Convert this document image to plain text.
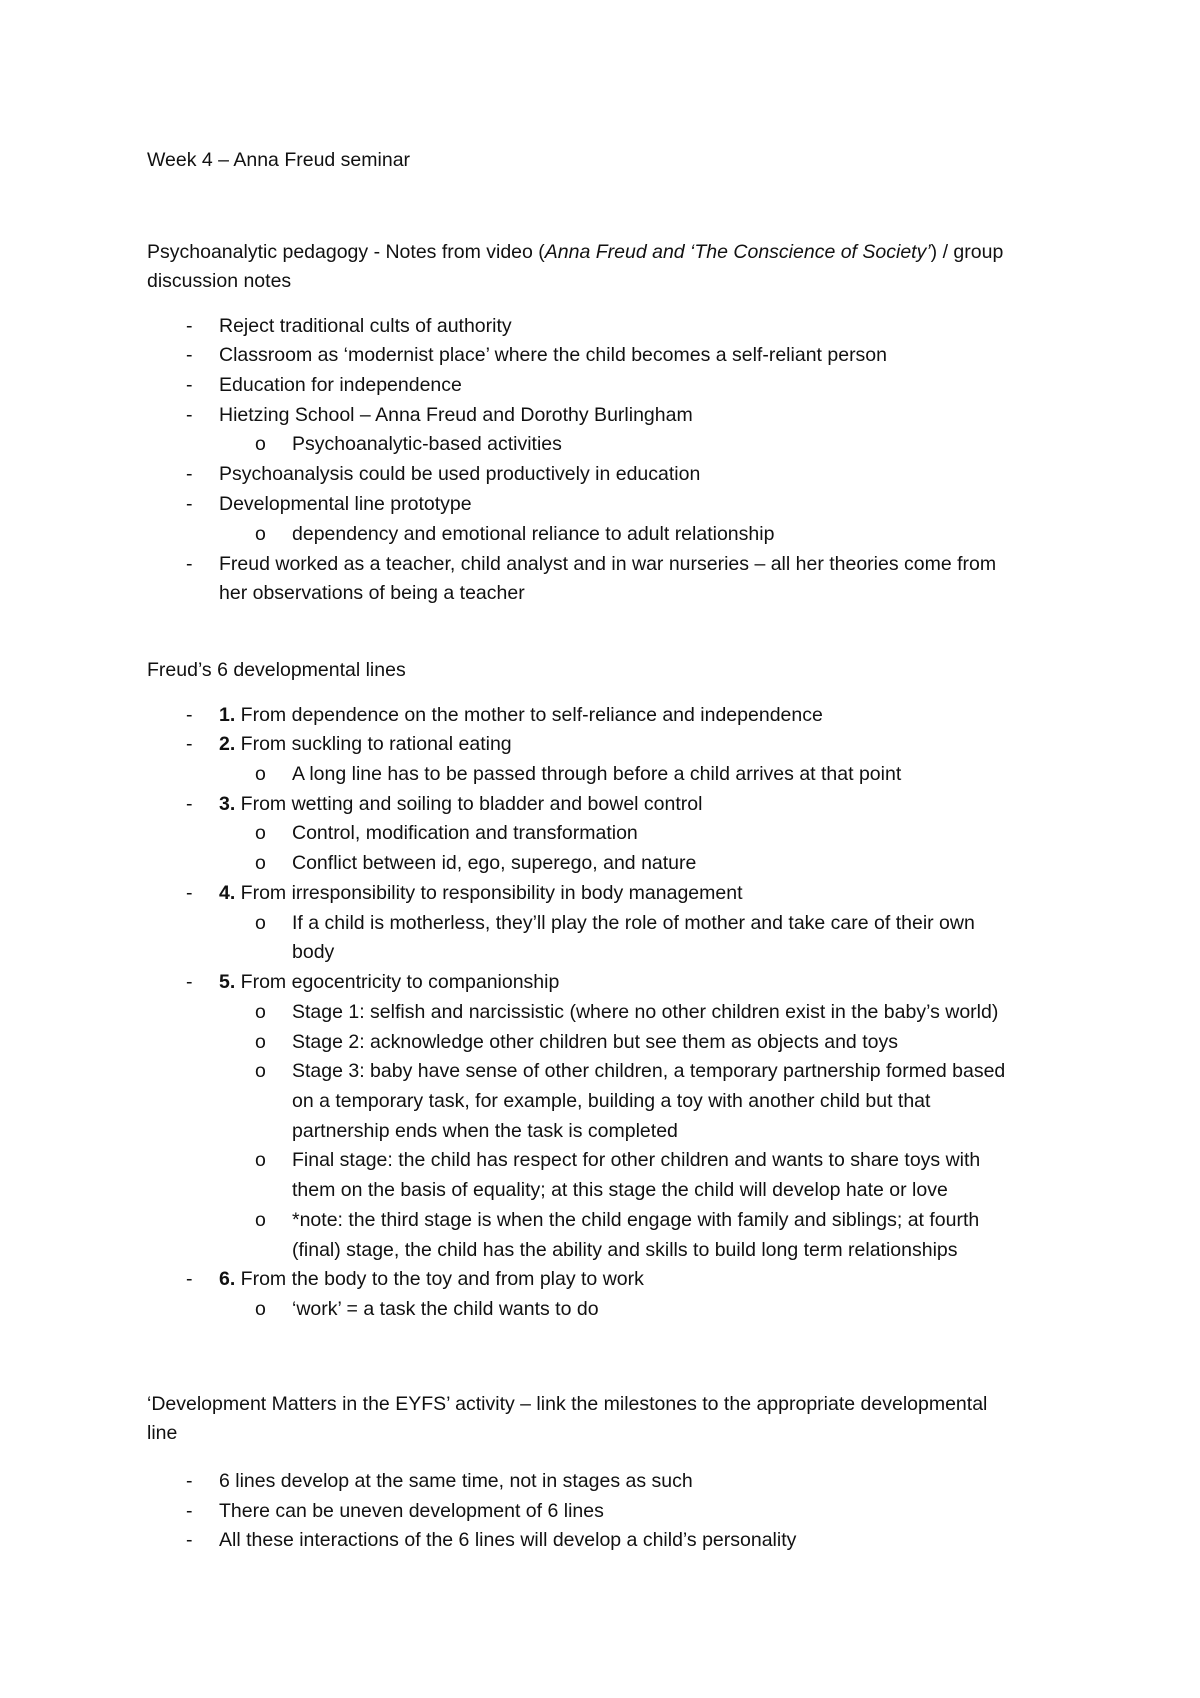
Week 4 – Anna Freud seminar
Psychoanalytic pedagogy - Notes from video (Anna Freud and ‘The Conscience of Society’) / group
discussion notes
- Reject traditional cults of authority
- Classroom as ‘modernist place’ where the child becomes a self-reliant person
- Education for independence
- Hietzing School – Anna Freud and Dorothy Burlingham
o Psychoanalytic-based activities
- Psychoanalysis could be used productively in education
- Developmental line prototype
o dependency and emotional reliance to adult relationship
- Freud worked as a teacher, child analyst and in war nurseries – all her theories come from
her observations of being a teacher
Freud’s 6 developmental lines
- 1. From dependence on the mother to self-reliance and independence
- 2. From suckling to rational eating
o A long line has to be passed through before a child arrives at that point
- 3. From wetting and soiling to bladder and bowel control
o Control, modification and transformation
o Conflict between id, ego, superego, and nature
- 4. From irresponsibility to responsibility in body management
o If a child is motherless, they’ll play the role of mother and take care of their own
body
- 5. From egocentricity to companionship
o Stage 1: selfish and narcissistic (where no other children exist in the baby’s world)
o Stage 2: acknowledge other children but see them as objects and toys
o Stage 3: baby have sense of other children, a temporary partnership formed based
on a temporary task, for example, building a toy with another child but that
partnership ends when the task is completed
o Final stage: the child has respect for other children and wants to share toys with
them on the basis of equality; at this stage the child will develop hate or love
o *note: the third stage is when the child engage with family and siblings; at fourth
(final) stage, the child has the ability and skills to build long term relationships
- 6. From the body to the toy and from play to work
o ‘work’ = a task the child wants to do
‘Development Matters in the EYFS’ activity – link the milestones to the appropriate developmental
line
- 6 lines develop at the same time, not in stages as such
- There can be uneven development of 6 lines
- All these interactions of the 6 lines will develop a child’s personality
